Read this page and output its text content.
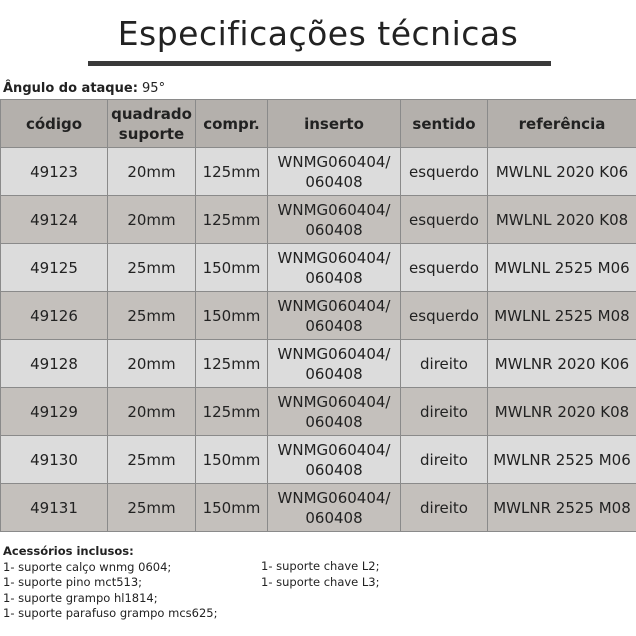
Especificações técnicas
Ângulo do ataque: 95°
código	quadrado suporte	compr.	inserto	sentido	referência
49123	20mm	125mm	WNMG060404/ 060408	esquerdo	MWLNL 2020 K06
49124	20mm	125mm	WNMG060404/ 060408	esquerdo	MWLNL 2020 K08
49125	25mm	150mm	WNMG060404/ 060408	esquerdo	MWLNL 2525 M06
49126	25mm	150mm	WNMG060404/ 060408	esquerdo	MWLNL 2525 M08
49128	20mm	125mm	WNMG060404/ 060408	direito	MWLNR 2020 K06
49129	20mm	125mm	WNMG060404/ 060408	direito	MWLNR 2020 K08
49130	25mm	150mm	WNMG060404/ 060408	direito	MWLNR 2525 M06
49131	25mm	150mm	WNMG060404/ 060408	direito	MWLNR 2525 M08
Acessórios inclusos:
1- suporte calço wnmg 0604;
1- suporte pino mct513;
1- suporte grampo hl1814;
1- suporte parafuso grampo mcs625;
1- suporte chave L2;
1- suporte chave L3;
